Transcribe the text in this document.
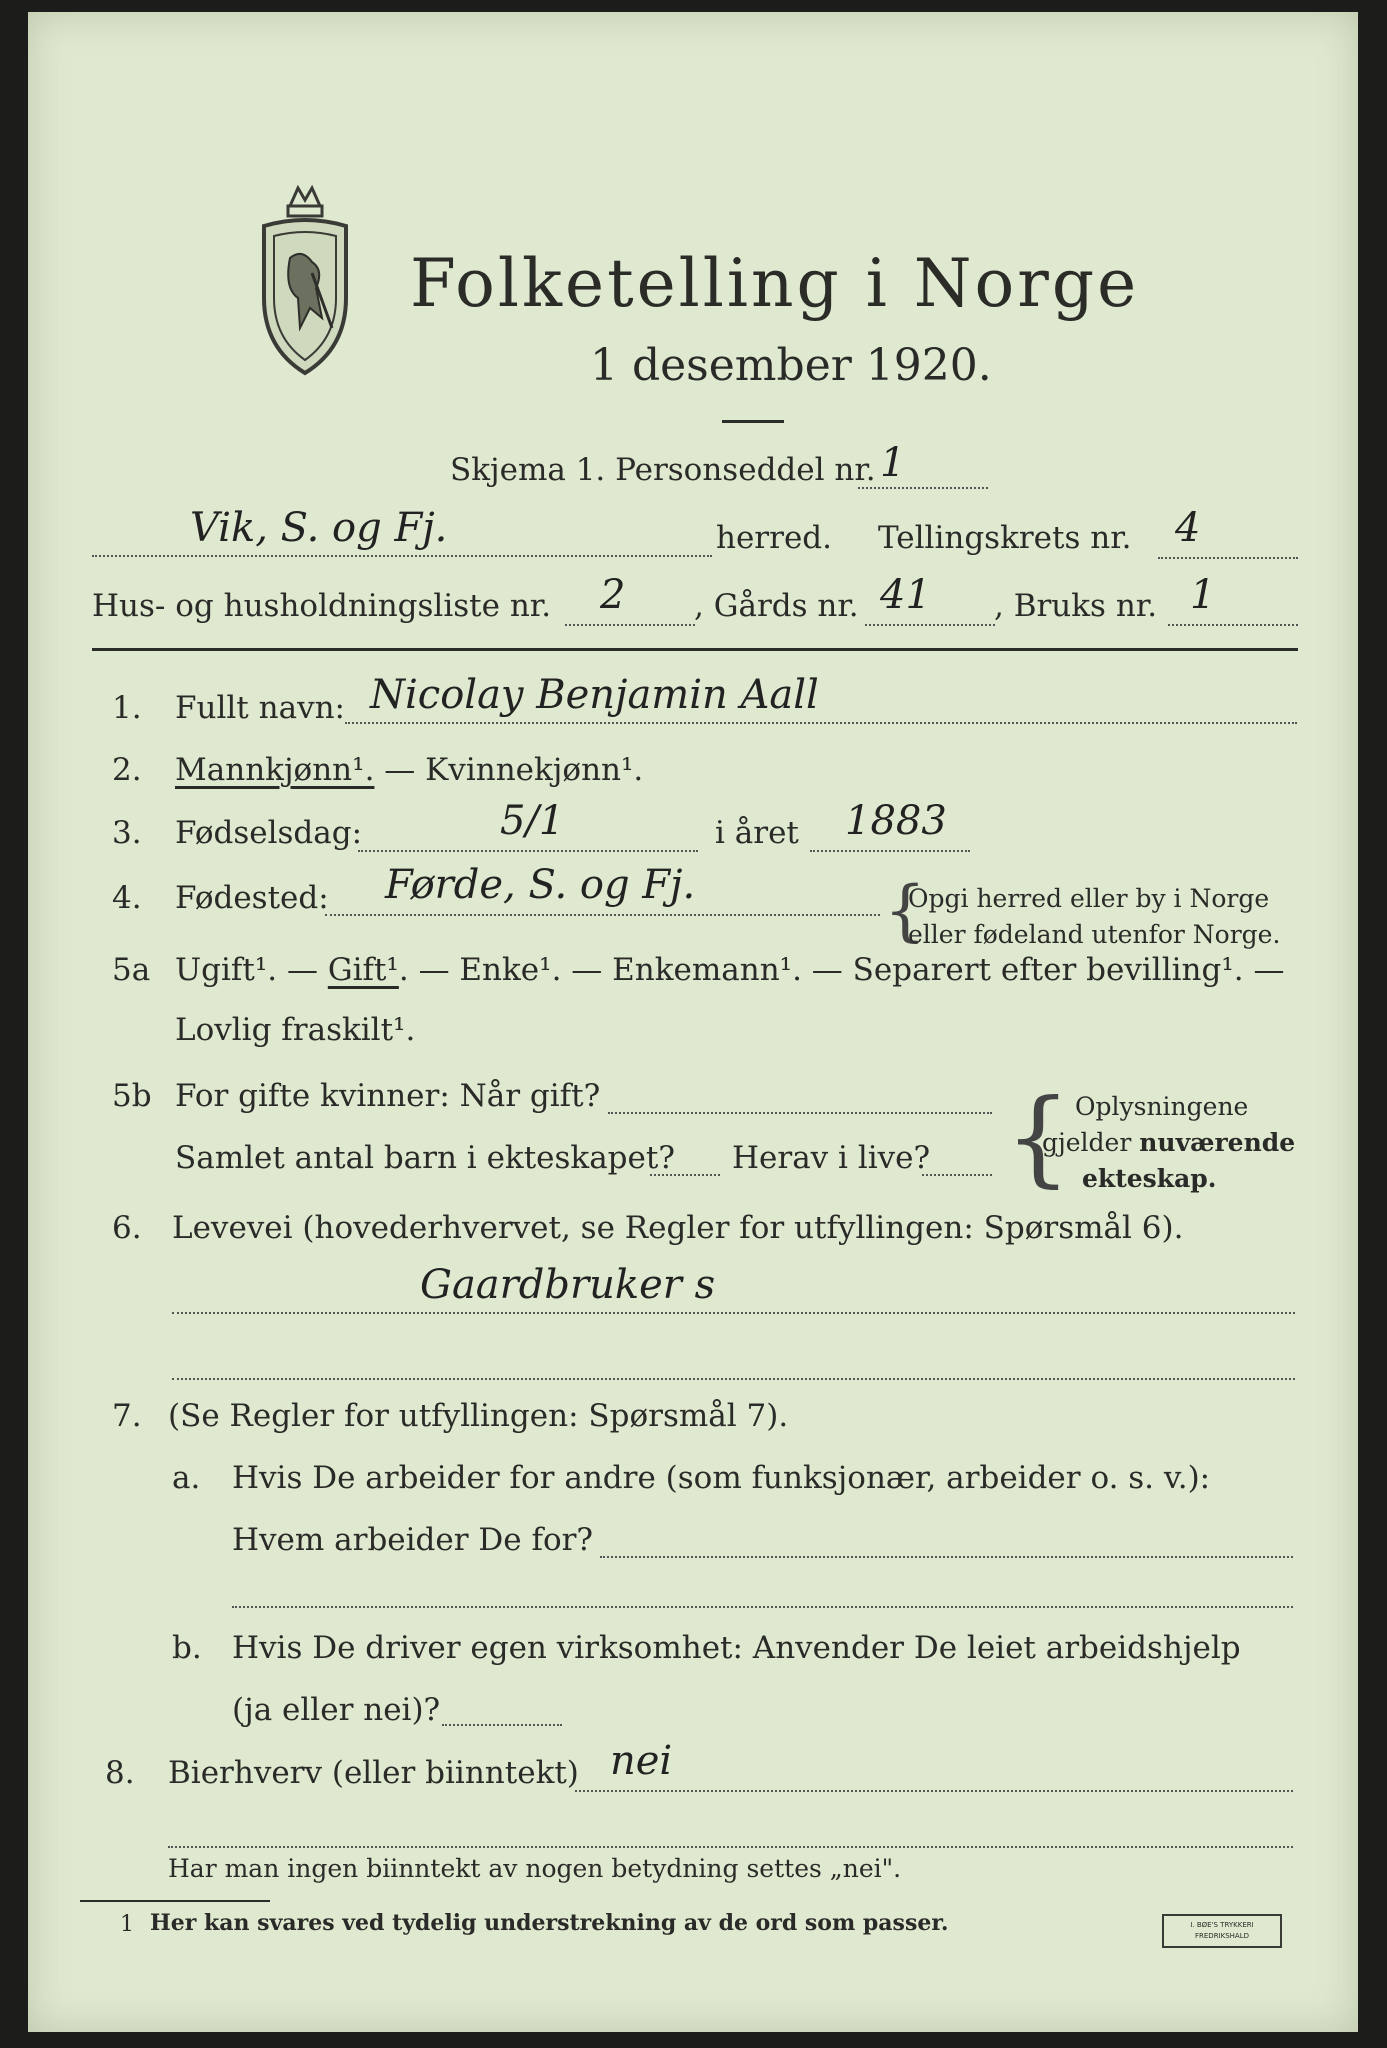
Folketelling i Norge
1 desember 1920.
Skjema 1. Personseddel nr. 1
Vik, S. og Fj.	herred. Tellingskrets nr. 4
Hus- og husholdningsliste nr. 2 , Gårds nr. 41 , Bruks nr. 1
1. Fullt navn: Nicolay Benjamin Aall
2. Mannkjønn¹. — Kvinnekjønn¹.
3. Fødselsdag:	5/1	i året 1883
4. Fødested: Førde, S. og Fj.	{
Opgi herred eller by i Norge
eller fødeland utenfor Norge.
5a Ugift¹. — Gift¹. — Enke¹. — Enkemann¹. — Separert efter bevilling¹. —
Lovlig fraskilt¹.
5b For gifte kvinner: Når gift?
Samlet antal barn i ekteskapet? Herav i live? { Oplysningene
gjelder nuværende
ekteskap.
6. Levevei (hovederhvervet, se Regler for utfyllingen: Spørsmål 6).
Gaardbruker s
7. (Se Regler for utfyllingen: Spørsmål 7).
a. Hvis De arbeider for andre (som funksjonær, arbeider o. s. v.):
Hvem arbeider De for?
b. Hvis De driver egen virksomhet: Anvender De leiet arbeidshjelp
(ja eller nei)?
8. Bierhverv (eller biinntekt) nei
Har man ingen biinntekt av nogen betydning settes „nei".
1 Her kan svares ved tydelig understrekning av de ord som passer.	I. BØE'S TRYKKERI
FREDRIKSHALD
